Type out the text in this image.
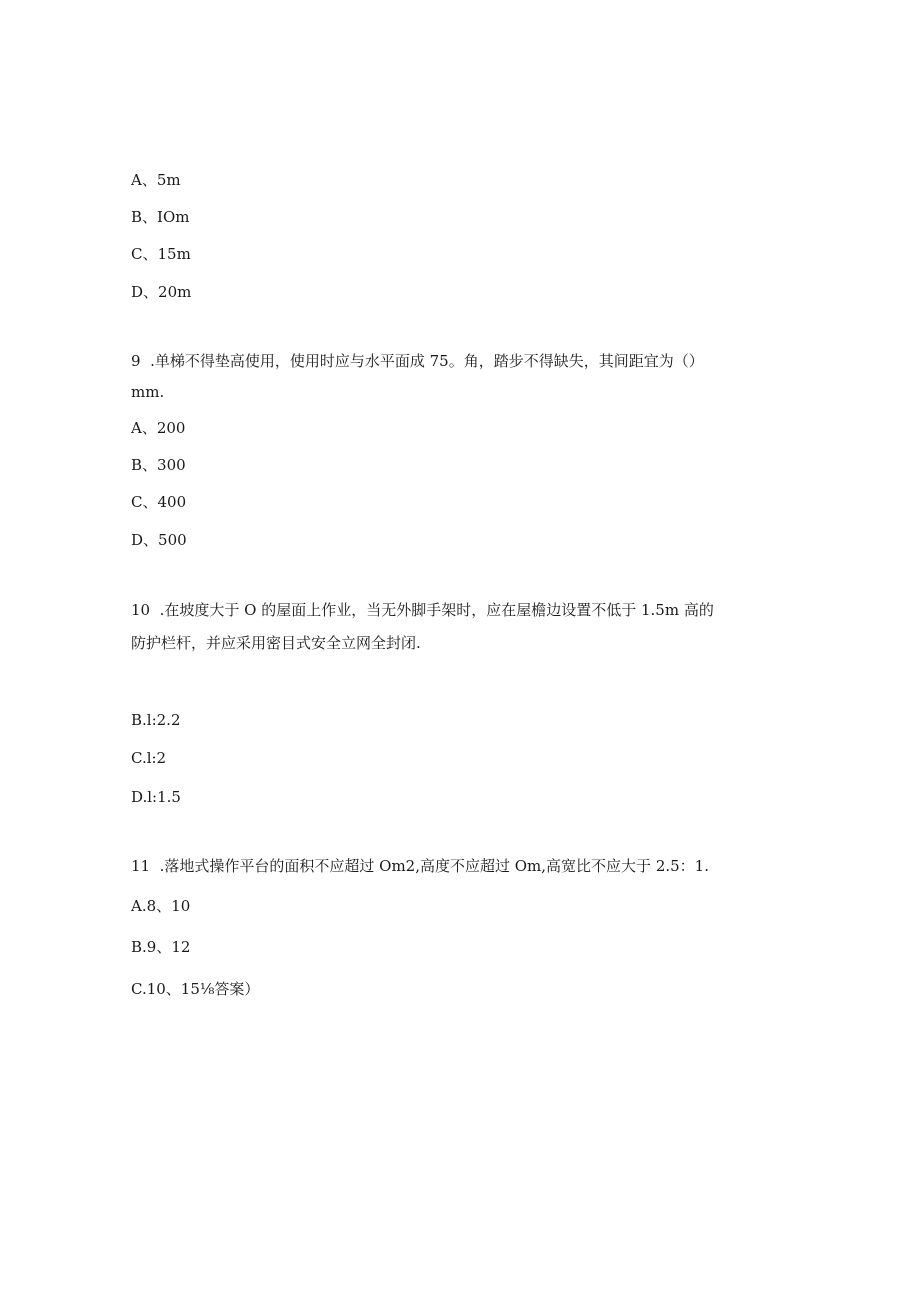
A、5m

B、IOm

C、15m

D、20m

9  .单梯不得垫高使用，使用时应与水平面成 75。角，踏步不得缺失，其间距宜为（）

mm.

A、200

B、300

C、400

D、500

10  .在坡度大于 O 的屋面上作业，当无外脚手架时，应在屋檐边设置不低于 1.5m 高的

防护栏杆，并应采用密目式安全立网全封闭.

B.l:2.2

C.l:2

D.l:1.5

11  .落地式操作平台的面积不应超过 Om2,高度不应超过 Om,高宽比不应大于 2.5：1.

A.8、10

B.9、12

C.10、15⅛答案）
